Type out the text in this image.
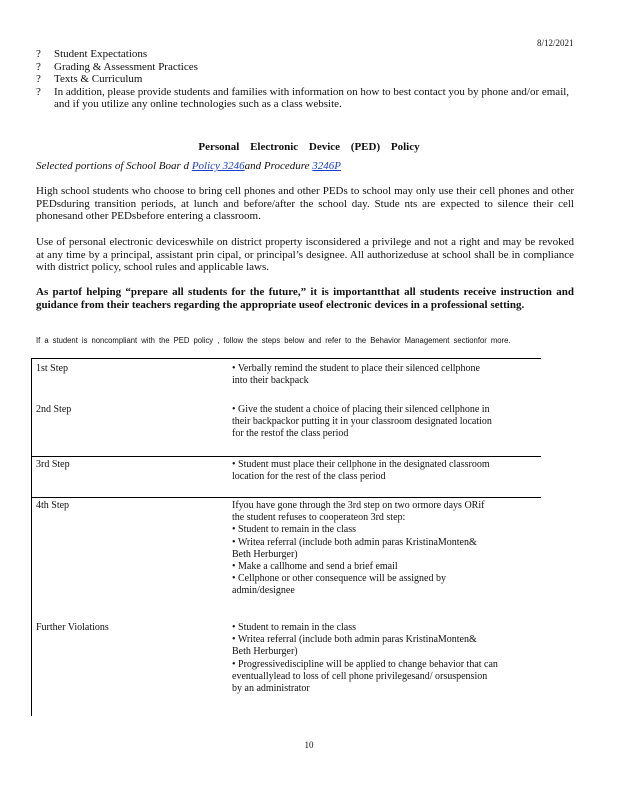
8/12/2021
?	Student Expectations
?	Grading & Assessment Practices
?	Texts & Curriculum
?	In addition, please provide students and families with information on how to best contact you by phone and/or email, and if you utilize any online technologies such as a class website.
Personal Electronic Device (PED) Policy
Selected portions of School Boar d Policy 3246and Procedure 3246P
High school students who choose to bring cell phones and other PEDs to school may only use their cell phones and other PEDsduring transition periods, at lunch and before/after the school day. Stude nts are expected to silence their cell phonesand other PEDsbefore entering a classroom.
Use of personal electronic deviceswhile on district property isconsidered a privilege and not a right and may be revoked at any time by a principal, assistant prin cipal, or principal’s designee. All authorizeduse at school shall be in compliance with district policy, school rules and applicable laws.
As partof helping “prepare all students for the future,” it is importantthat all students receive instruction and guidance from their teachers regarding the appropriate useof electronic devices in a professional setting.
If a student is noncompliant with the PED policy , follow the steps below and refer to the Behavior Management sectionfor more.
1st Step	• Verbally remind the student to place their silenced cellphone
into their backpack
2nd Step	• Give the student a choice of placing their silenced cellphone in
their backpackor putting it in your classroom designated location
for the restof the class period
3rd Step	• Student must place their cellphone in the designated classroom
location for the rest of the class period
4th Step	Ifyou have gone through the 3rd step on two ormore days ORif
the student refuses to cooperateon 3rd step:
• Student to remain in the class
• Writea referral (include both admin paras KristinaMonten&
Beth Herburger)
• Make a callhome and send a brief email
• Cellphone or other consequence will be assigned by
admin/designee
Further Violations	• Student to remain in the class
• Writea referral (include both admin paras KristinaMonten&
Beth Herburger)
• Progressivediscipline will be applied to change behavior that can
eventuallylead to loss of cell phone privilegesand/ orsuspension
by an administrator
10
